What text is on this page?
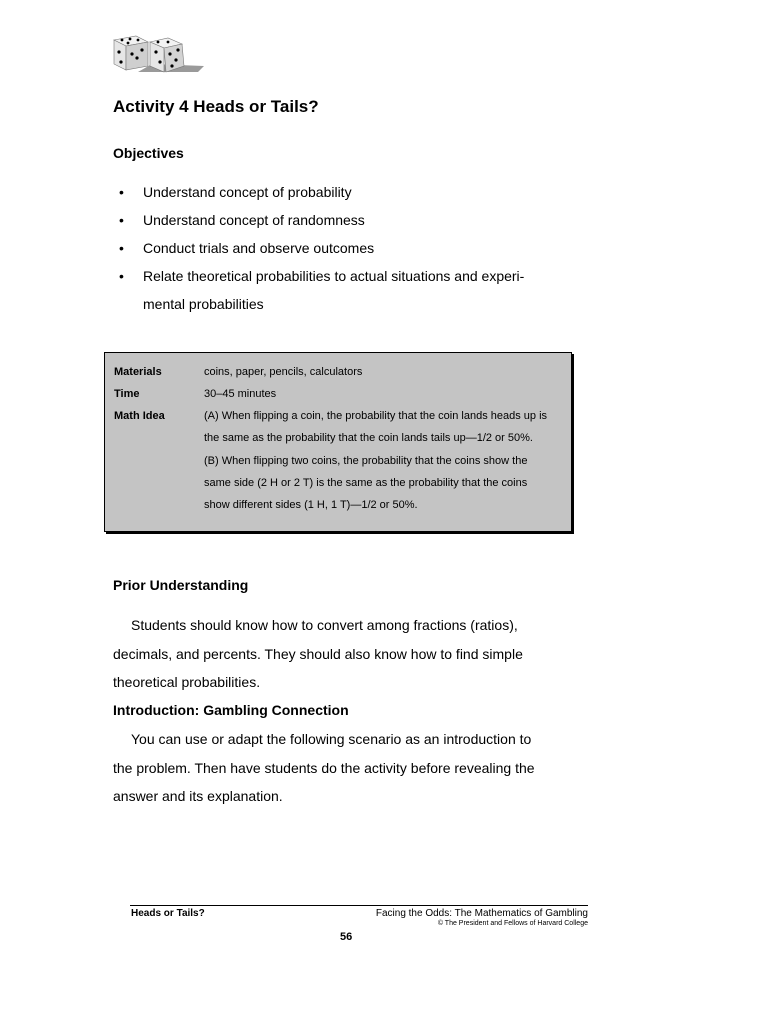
Activity 4 Heads or Tails?
Objectives
• Understand concept of probability
• Understand concept of randomness
• Conduct trials and observe outcomes
• Relate theoretical probabilities to actual situations and experi-
mental probabilities
Materials	coins, paper, pencils, calculators
Time	30–45 minutes
Math Idea	(A) When flipping a coin, the probability that the coin lands heads up is
the same as the probability that the coin lands tails up—1/2 or 50%.
(B) When flipping two coins, the probability that the coins show the
same side (2 H or 2 T) is the same as the probability that the coins
show different sides (1 H, 1 T)—1/2 or 50%.
Prior Understanding
Students should know how to convert among fractions (ratios),
decimals, and percents. They should also know how to find simple
theoretical probabilities.
Introduction: Gambling Connection
You can use or adapt the following scenario as an introduction to
the problem. Then have students do the activity before revealing the
answer and its explanation.
Heads or Tails?	Facing the Odds: The Mathematics of Gambling
© The President and Fellows of Harvard College
56
